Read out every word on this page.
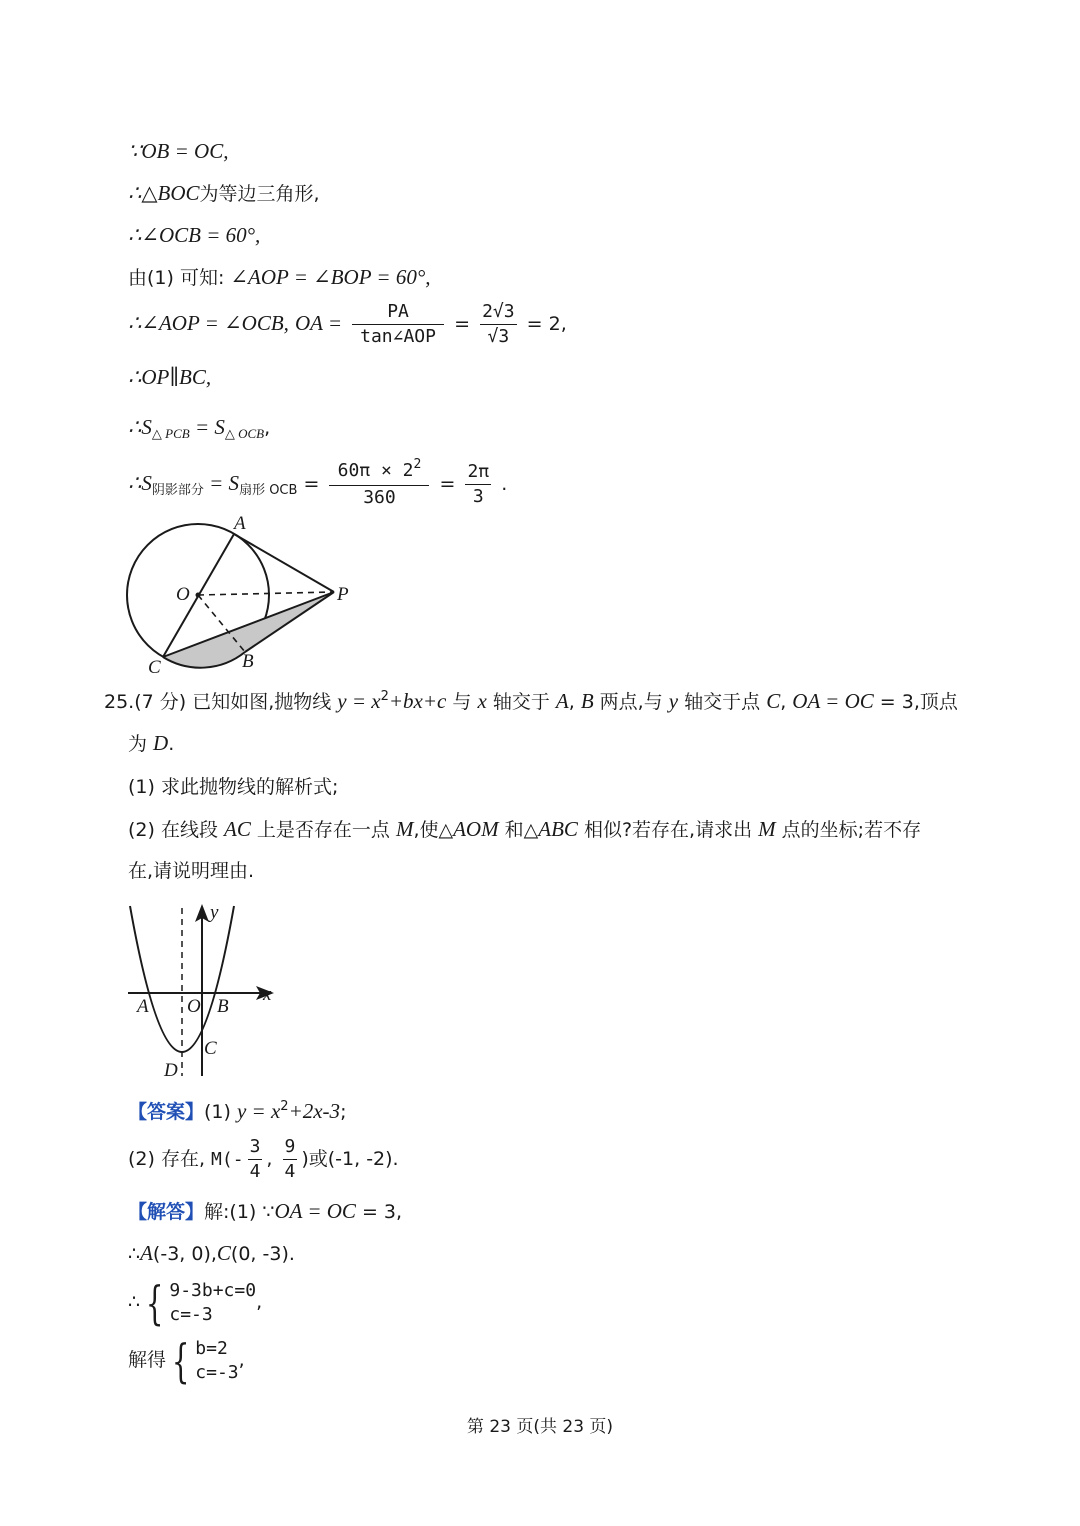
∵OB = OC,
∴△BOC为等边三角形,
∴∠OCB = 60°,
由(1) 可知: ∠AOP = ∠BOP = 60°,
∴∠AOP = ∠OCB, OA = $\frac{PA}{\text{tan∠AOP}} = \frac{2√3}{√3} = 2$,
∴OP∥BC,
$\therefore S_{\triangle PCB} = S_{\triangle OCB}$,
$\therefore S_{阴影部分} = S_{扇形 OCB} = \frac{60\pi \times 2^2}{360} = \frac{2\pi}{3}$ .
A
O	P
C	B
25.(7 分) 已知如图,抛物线 $y = x^2+bx+c$ 与 x 轴交于 A, B 两点,与 y 轴交于点 C, OA = OC = 3,顶点
为 D.
(1) 求此抛物线的解析式;
(2) 在线段 AC 上是否存在一点 M,使△AOM 和△ABC 相似?若存在,请求出 M 点的坐标;若不存
在,请说明理由.
y
x
A O B
C
D
【答案】(1) $y = x^2+2x-3$;
(2) 存在, $M(- \frac{3}{4}$ , $\frac{9}{4}$ )或(-1, -2).
【解答】解:(1) ∵OA = OC = 3,
∴A(-3, 0),C(0, -3).
∴ { 9-3b+c=0
c=-3
,
解得 { b=2
c=-3
,
第 23 页(共 23 页)
